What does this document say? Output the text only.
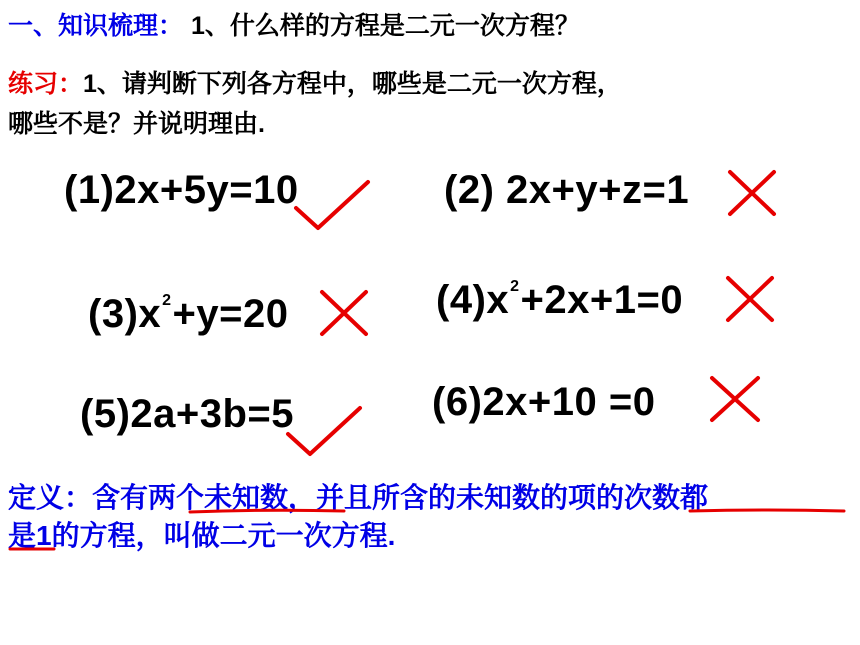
一、知识梳理： 1、什么样的方程是二元一次方程？
练习：1、请判断下列各方程中，哪些是二元一次方程，
哪些不是？并说明理由.
(1)2x+5y=10	(2) 2x+y+z=1
$(3)x^2+y=20$	$(4)x^2+2x+1=0$
(5)2a+3b=5	(6)2x+10 =0
定义：含有两个未知数，并且所含的未知数的项的次数都
是1的方程，叫做二元一次方程.
